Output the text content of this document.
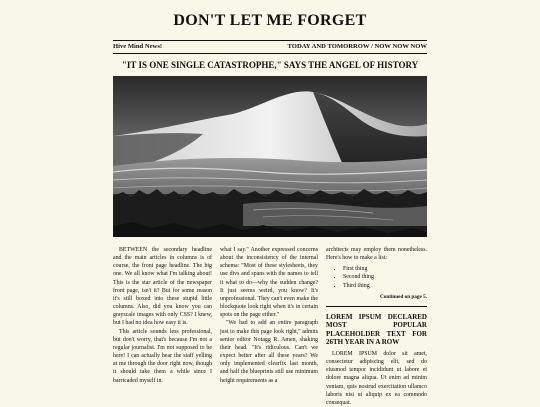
DON'T LET ME FORGET
Hive Mind News!	TODAY AND TOMORROW / NOW NOW NOW
"IT IS ONE SINGLE CATASTROPHE," SAYS THE ANGEL OF HISTORY

BETWEEN the secondary headline and the main articles in columns is of course, the front page headline. The big one. We all know what I'm talking about! This is the star article of the newspaper front page, isn't it? But for some reason it's still boxed into these stupid little columns. Also, did you know you can grayscale images with only CSS? I knew, but I had no idea how easy it is.

This article sounds less professional, but don't worry, that's because I'm not a regular journalist. I'm not supposed to be here! I can actually hear the staff yelling at me through the door right now, though it should take them a while since I barricaded myself in.

what I say." Another expressed concerns about the inconsistency of the internal schema: "Most of these stylesheets, they use divs and spans with the names to tell it what to do—why the sudden change? It just seems weird, you know? It's unprofessional. They can't even make the blockquote look right when it's in certain spots on the page either."

"We had to add an entire paragraph just to make this page look right," admits senior editor Notagg R. Amen, shaking their head. "It's ridiculous. Can't we expect better after all these years? We only implemented clearfix last month, and half the blueprints still use minimum height requirements as a

architects may employ them nonetheless. Here's how to make a list:

• First thing
• Second thing
• Third thing
Continued on page 5.
LOREM IPSUM DECLARED MOST POPULAR PLACEHOLDER TEXT FOR 26TH YEAR IN A ROW

LOREM IPSUM dolor sit amet, consectetur adipiscing elit, sed do eiusmod tempor incididunt ut labore et dolore magna aliqua. Ut enim ad minim veniam, quis nostrud exercitation ullamco laboris nisi ut aliquip ex ea commodo consequat.
